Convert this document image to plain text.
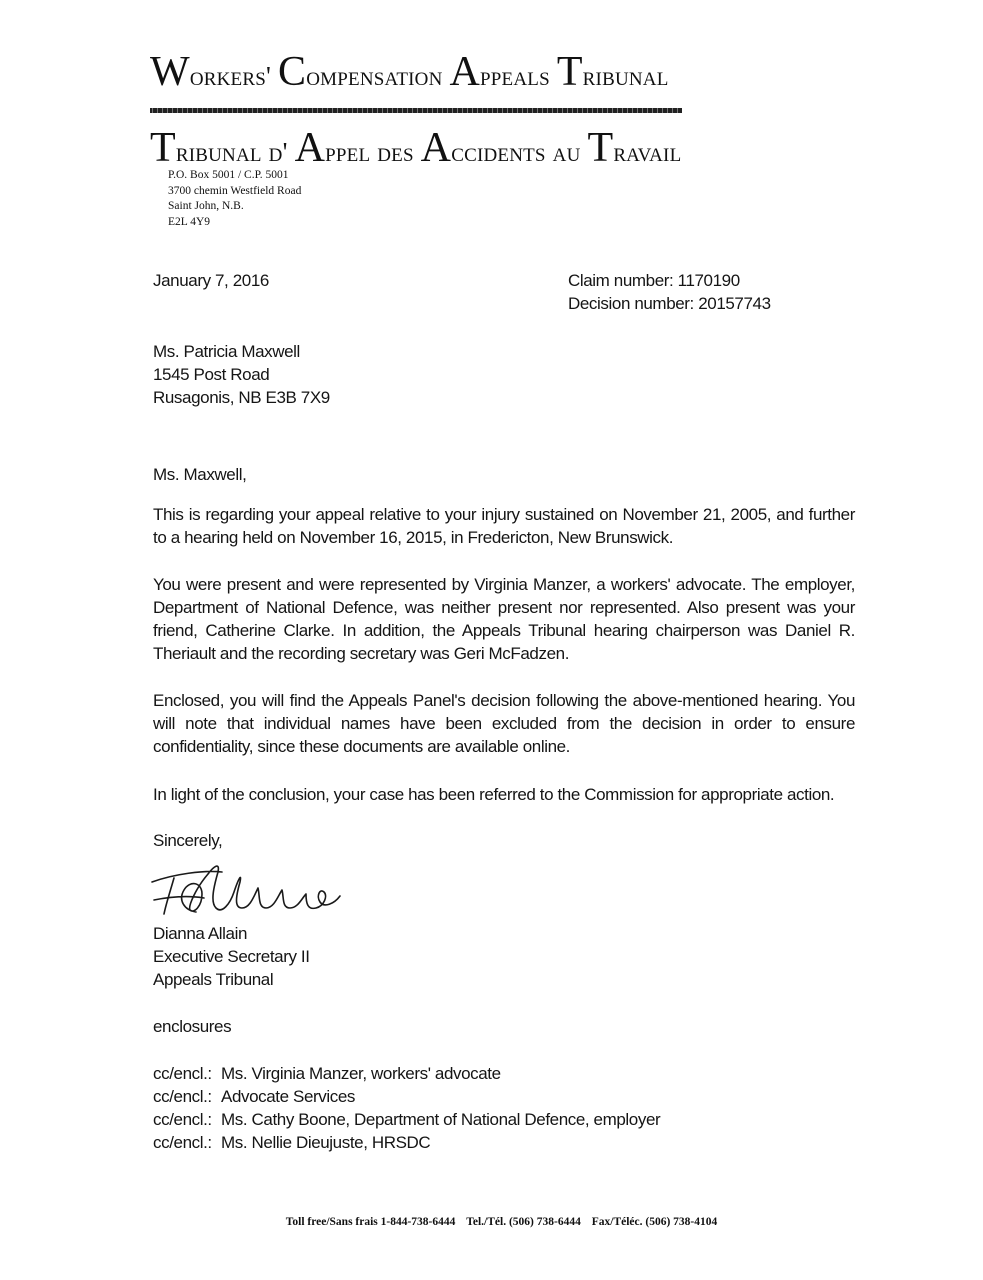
Workers' Compensation Appeals Tribunal
Tribunal d' Appel des Accidents au Travail
P.O. Box 5001 / C.P. 5001
3700 chemin Westfield Road
Saint John, N.B.
E2L 4Y9
January 7, 2016	Claim number: 1170190
Decision number: 20157743
Ms. Patricia Maxwell
1545 Post Road
Rusagonis, NB E3B 7X9
Ms. Maxwell,
This is regarding your appeal relative to your injury sustained on November 21, 2005, and further to a hearing held on November 16, 2015, in Fredericton, New Brunswick.
You were present and were represented by Virginia Manzer, a workers' advocate. The employer, Department of National Defence, was neither present nor represented. Also present was your friend, Catherine Clarke. In addition, the Appeals Tribunal hearing chairperson was Daniel R. Theriault and the recording secretary was Geri McFadzen.
Enclosed, you will find the Appeals Panel's decision following the above-mentioned hearing. You will note that individual names have been excluded from the decision in order to ensure confidentiality, since these documents are available online.
In light of the conclusion, your case has been referred to the Commission for appropriate action.
Sincerely,
Dianna Allain
Executive Secretary II
Appeals Tribunal
enclosures
cc/encl.: Ms. Virginia Manzer, workers' advocate
cc/encl.: Advocate Services
cc/encl.: Ms. Cathy Boone, Department of National Defence, employer
cc/encl.: Ms. Nellie Dieujuste, HRSDC
Toll free/Sans frais 1-844-738-6444 Tel./Tél. (506) 738-6444 Fax/Téléc. (506) 738-4104
